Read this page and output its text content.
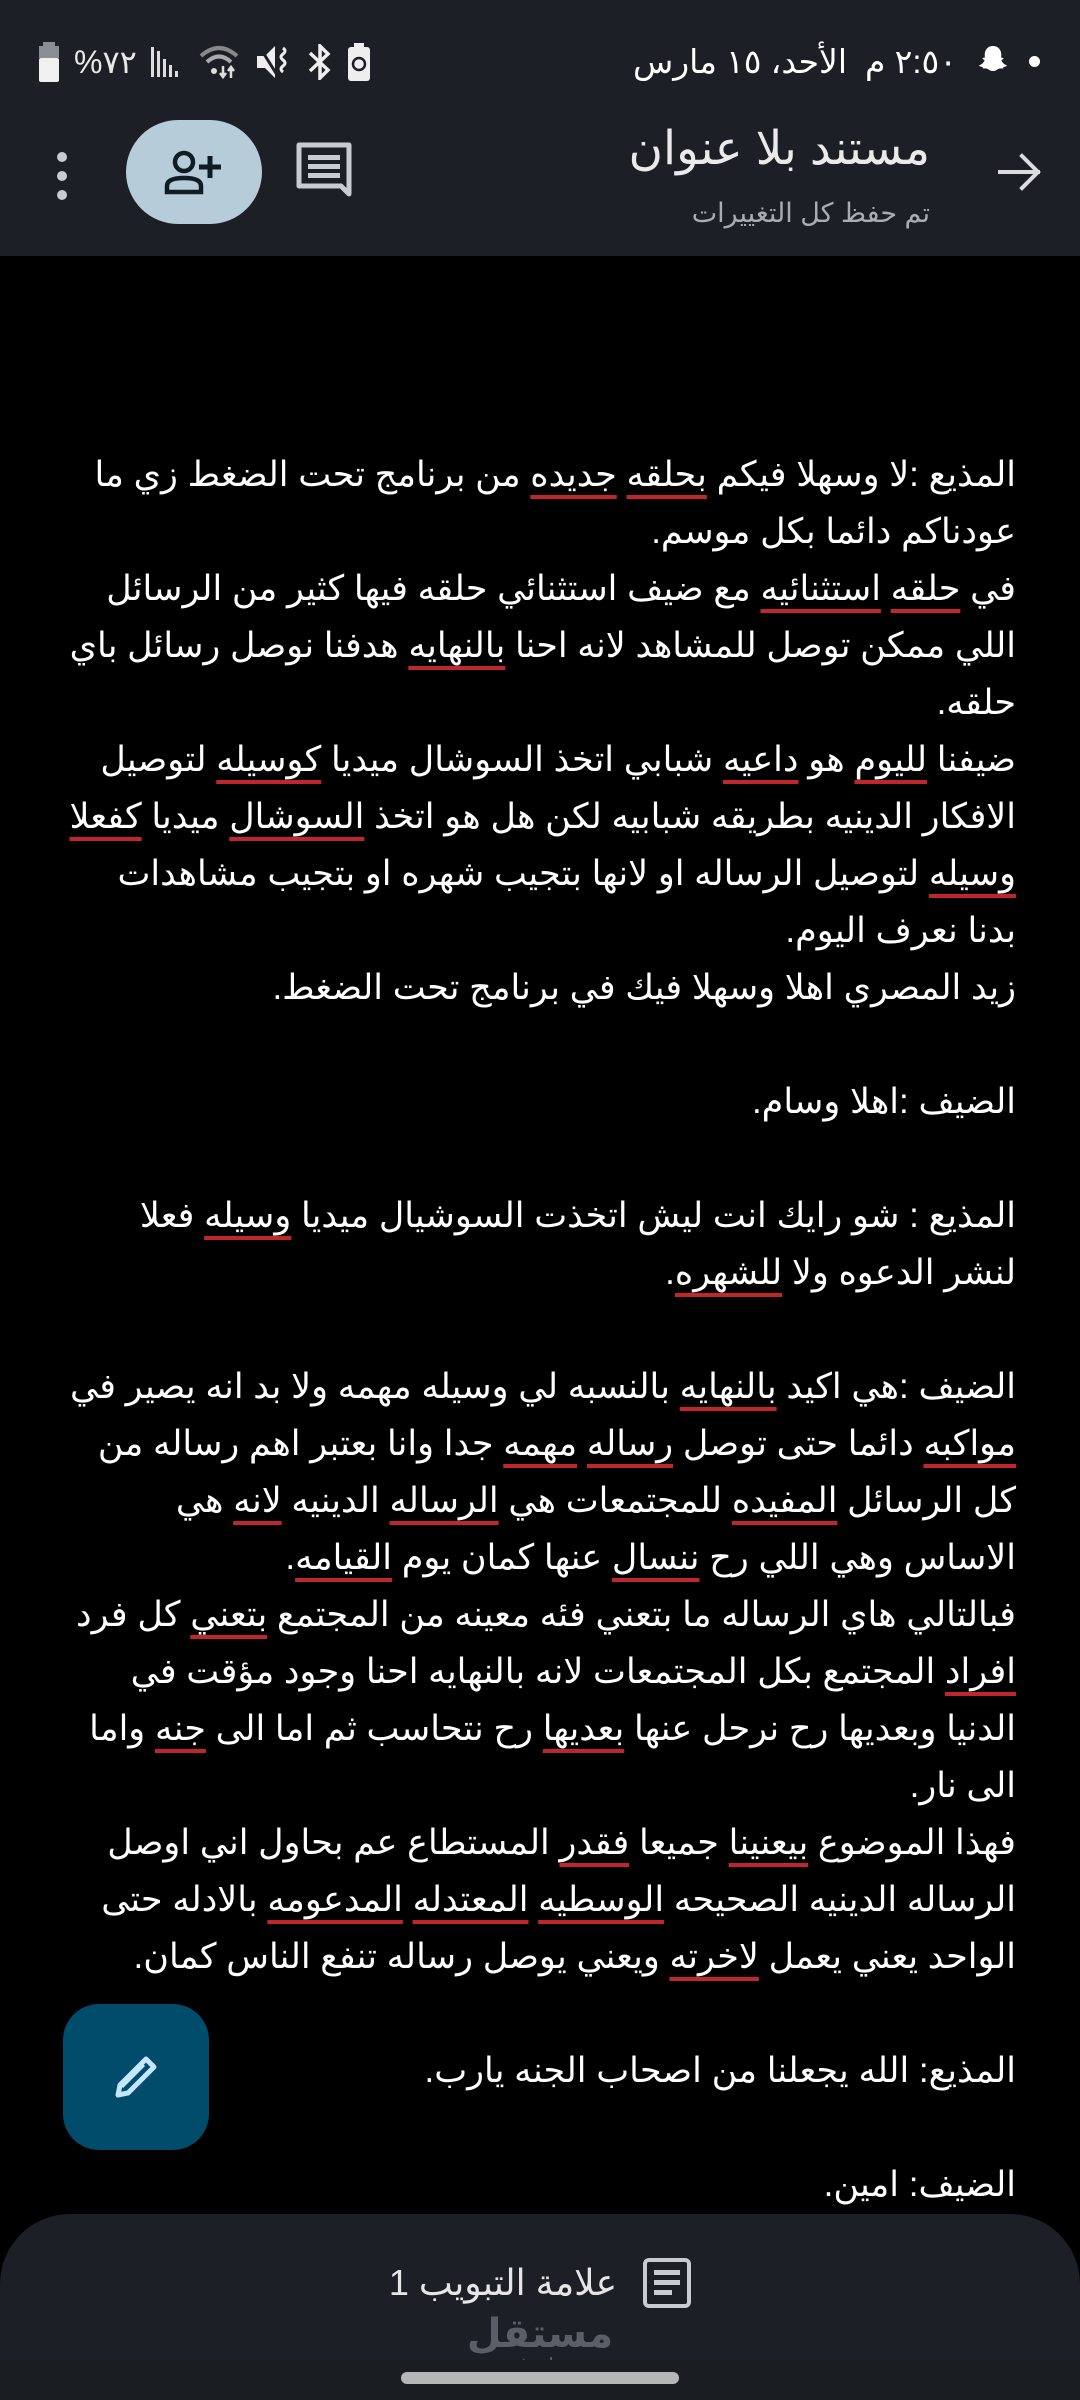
الأحد، ١٥ مارس ٢:٥٠ م
%٧٢
مستند بلا عنوان
تم حفظ كل التغييرات

المذيع :لا وسهلا فيكم بحلقه جديده من برنامج تحت الضغط زي ما عودناكم دائما بكل موسم.

في حلقه استثنائيه مع ضيف استثنائي حلقه فيها كثير من الرسائل اللي ممكن توصل للمشاهد لانه احنا بالنهايه هدفنا نوصل رسائل باي حلقه.

ضيفنا لليوم هو داعيه شبابي اتخذ السوشال ميديا كوسيله لتوصيل الافكار الدينيه بطريقه شبابيه لكن هل هو اتخذ السوشال ميديا كفعلا وسيله لتوصيل الرساله او لانها بتجيب شهره او بتجيب مشاهدات بدنا نعرف اليوم.

زيد المصري اهلا وسهلا فيك في برنامج تحت الضغط.

الضيف :اهلا وسام.

المذيع : شو رايك انت ليش اتخذت السوشيال ميديا وسيله فعلا لنشر الدعوه ولا للشهره.

الضيف :هي اكيد بالنهايه بالنسبه لي وسيله مهمه ولا بد انه يصير في مواكبه دائما حتى توصل رساله مهمه جدا وانا بعتبر اهم رساله من كل الرسائل المفيده للمجتمعات هي الرساله الدينيه لانه هي الاساس وهي اللي رح ننسال عنها كمان يوم القيامه.

فبالتالي هاي الرساله ما بتعني فئه معينه من المجتمع بتعني كل فرد افراد المجتمع بكل المجتمعات لانه بالنهايه احنا وجود مؤقت في الدنيا وبعديها رح نرحل عنها بعديها رح نتحاسب ثم اما الى جنه واما الى نار.

فهذا الموضوع بيعنينا جميعا فقدر المستطاع عم بحاول اني اوصل الرساله الدينيه الصحيحه الوسطيه المعتدله المدعومه بالادله حتى الواحد يعني يعمل لاخرته ويعني يوصل رساله تنفع الناس كمان.

المذيع: الله يجعلنا من اصحاب الجنه يارب.

الضيف: امين.

علامة التبويب 1
مستقل
